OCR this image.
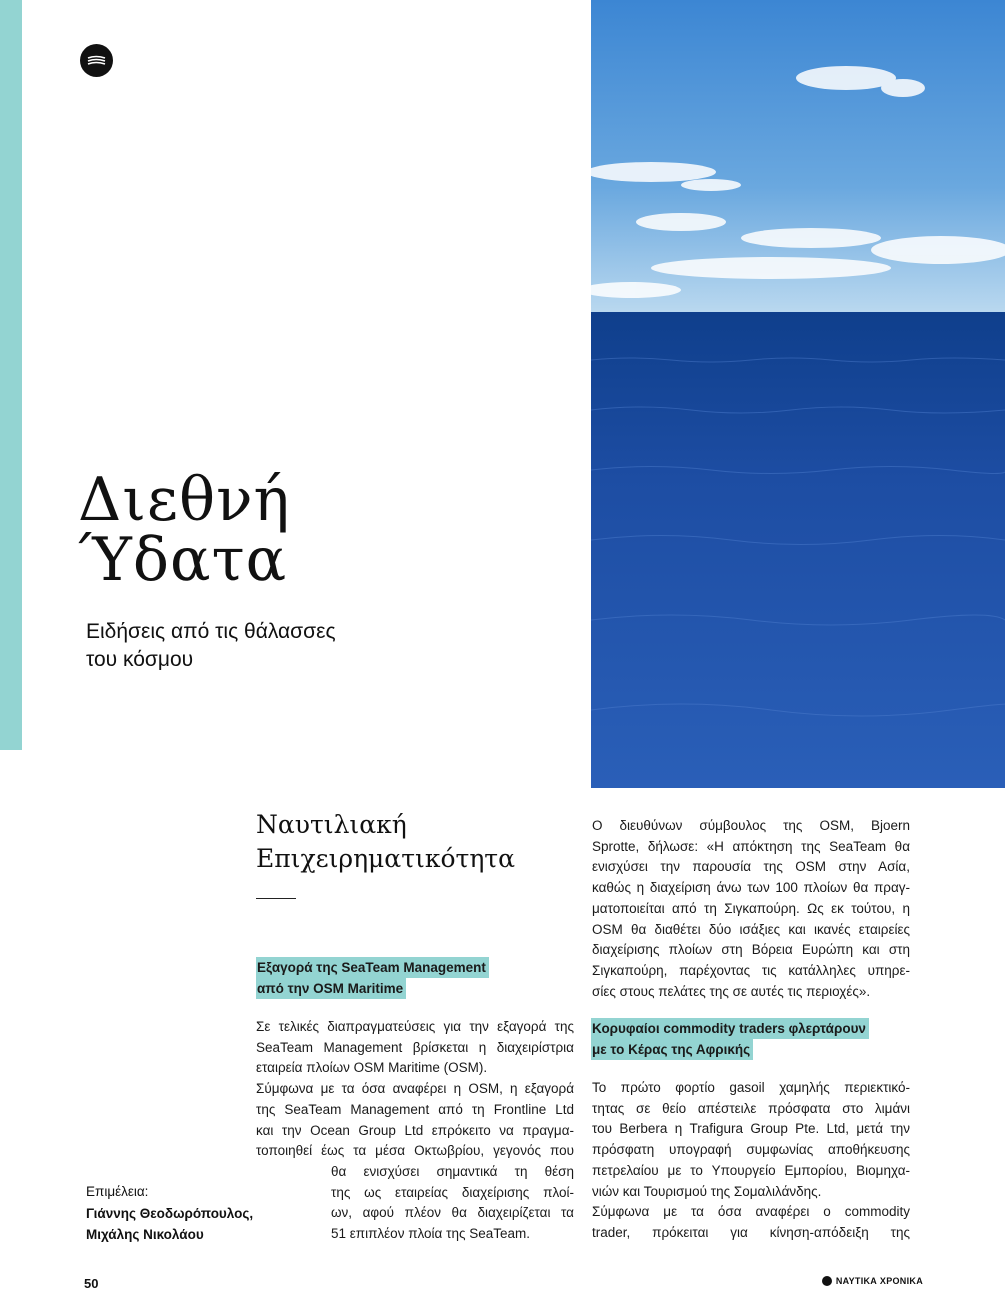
Διεθνή
Ύδατα
Ειδήσεις από τις θάλασσες
του κόσμου
Ναυτιλιακή
Επιχειρηματικότητα
Εξαγορά της SeaTeam Management
από την OSM Maritime
Σε τελικές διαπραγματεύσεις για την εξαγορά της
SeaTeam Management βρίσκεται η διαχειρίστρια
εταιρεία πλοίων OSM Maritime (OSM).
Σύμφωνα με τα όσα αναφέρει η OSM, η εξαγορά
της SeaTeam Management από τη Frontline Ltd
και την Ocean Group Ltd επρόκειτο να πραγμα-
τοποιηθεί έως τα μέσα Οκτωβρίου, γεγονός που
θα ενισχύσει σημαντικά τη θέση
της ως εταιρείας διαχείρισης πλοί-
ων, αφού πλέον θα διαχειρίζεται τα
51 επιπλέον πλοία της SeaTeam.
Ο διευθύνων σύμβουλος της OSM, Bjoern
Sprotte, δήλωσε: «Η απόκτηση της SeaTeam θα
ενισχύσει την παρουσία της OSM στην Ασία,
καθώς η διαχείριση άνω των 100 πλοίων θα πραγ-
ματοποιείται από τη Σιγκαπούρη. Ως εκ τούτου, η
OSM θα διαθέτει δύο ισάξιες και ικανές εταιρείες
διαχείρισης πλοίων στη Βόρεια Ευρώπη και στη
Σιγκαπούρη, παρέχοντας τις κατάλληλες υπηρε-
σίες στους πελάτες της σε αυτές τις περιοχές».
Κορυφαίοι commodity traders φλερτάρουν
με το Κέρας της Αφρικής
Το πρώτο φορτίο gasoil χαμηλής περιεκτικό-
τητας σε θείο απέστειλε πρόσφατα στο λιμάνι
του Berbera η Trafigura Group Pte. Ltd, μετά την
πρόσφατη υπογραφή συμφωνίας αποθήκευσης
πετρελαίου με το Υπουργείο Εμπορίου, Βιομηχα-
νιών και Τουρισμού της Σομαλιλάνδης.
Σύμφωνα με τα όσα αναφέρει ο commodity
trader, πρόκειται για κίνηση-απόδειξη της
Επιμέλεια:
Γιάννης Θεοδωρόπουλος,
Μιχάλης Νικολάου
50	ΝΑΥΤΙΚΑ ΧΡΟΝΙΚΑ
